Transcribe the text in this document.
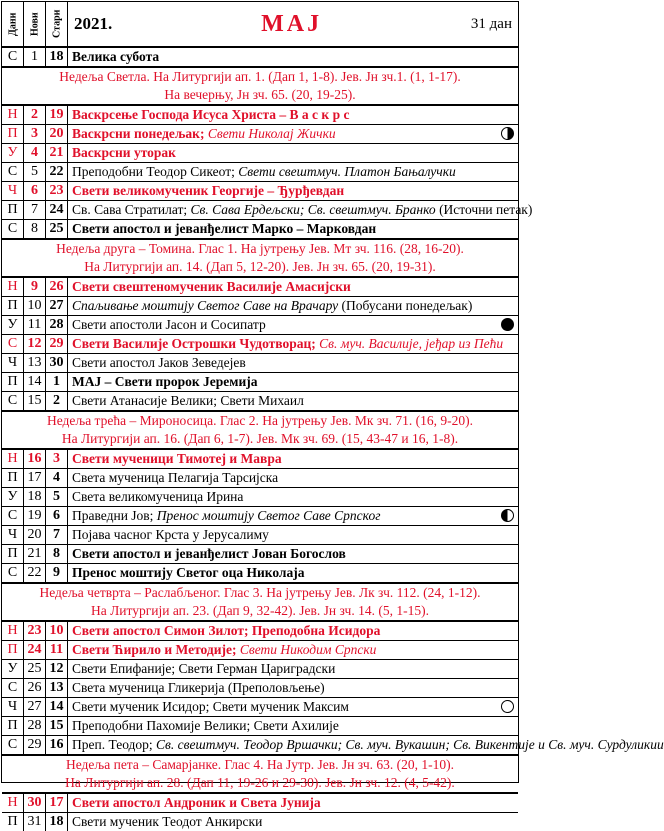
Дани	Нови	Стари 2021.	МАЈ	31 дан
С 1 18 Велика субота
Недеља Светла. На Литургији ап. 1. (Дап 1, 1-8). Јев. Јн зч.1. (1, 1-17).
На вечерњу, Јн зч. 65. (20, 19-25).
Н 2 19 Васкрсење Господа Исуса Христа – В а с к р с
П 3 20 Васкрсни понедељак; Свети Николај Жички
У 4 21 Васкрсни уторак
С 5 22 Преподобни Теодор Сикеот; Свети свештмуч. Платон Бањалучки
Ч 6 23 Свети великомученик Георгије – Ђурђевдан
П 7 24 Св. Сава Стратилат; Св. Сава Ердељски; Св. свештмуч. Бранко (Источни петак)
С 8 25 Свети апостол и јеванђелист Марко – Марковдан
Недеља друга – Томина. Глас 1. На јутрењу Јев. Мт зч. 116. (28, 16-20).
На Литургији ап. 14. (Дап 5, 12-20). Јев. Јн зч. 65. (20, 19-31).
Н 9 26 Свети свештеномученик Василије Амасијски
П 10 27 Спаљивање моштију Светог Саве на Врачару (Побусани понедељак)
У 11 28 Свети апостоли Јасон и Сосипатр
С 12 29 Свети Василије Острошки Чудотворац; Св. муч. Василије, јеђар из Пећи
Ч 13 30 Свети апостол Јаков Зеведејев
П 14 1 МАЈ – Свети пророк Јеремија
С 15 2 Свети Атанасије Велики; Свети Михаил
Недеља трећа – Мироносица. Глас 2. На јутрењу Јев. Мк зч. 71. (16, 9-20).
На Литургији ап. 16. (Дап 6, 1-7). Јев. Мк зч. 69. (15, 43-47 и 16, 1-8).
Н 16 3 Свети мученици Тимотеј и Мавра
П 17 4 Света мученица Пелагија Тарсијска
У 18 5 Света великомученица Ирина
С 19 6 Праведни Јов; Пренос моштију Светог Саве Српског
Ч 20 7 Појава часног Крста у Јерусалиму
П 21 8 Свети апостол и јеванђелист Јован Богослов
С 22 9 Пренос моштију Светог оца Николаја
Недеља четврта – Раслабљеног. Глас 3. На јутрењу Јев. Лк зч. 112. (24, 1-12).
На Литургији ап. 23. (Дап 9, 32-42). Јев. Јн зч. 14. (5, 1-15).
Н 23 10 Свети апостол Симон Зилот; Преподобна Исидора
П 24 11 Свети Ћирило и Методије; Свети Никодим Српски
У 25 12 Свети Епифаније; Свети Герман Цариградски
С 26 13 Света мученица Гликерија (Преполовљење)
Ч 27 14 Свети мученик Исидор; Свети мученик Максим
П 28 15 Преподобни Пахомије Велики; Свети Ахилије
С 29 16 Преп. Теодор; Св. свештмуч. Теодор Вршачки; Св. муч. Вукашин; Св. Викентије и Св. муч. Сурдуликии
Недеља пета – Самарјанке. Глас 4. На Јутр. Јев. Јн зч. 63. (20, 1-10).
На Литургији ап. 28. (Дап 11, 19-26 и 29-30). Јев. Јн зч. 12. (4, 5-42).
Н 30 17 Свети апостол Андроник и Света Јунија
П 31 18 Свети мученик Теодот Анкирски
